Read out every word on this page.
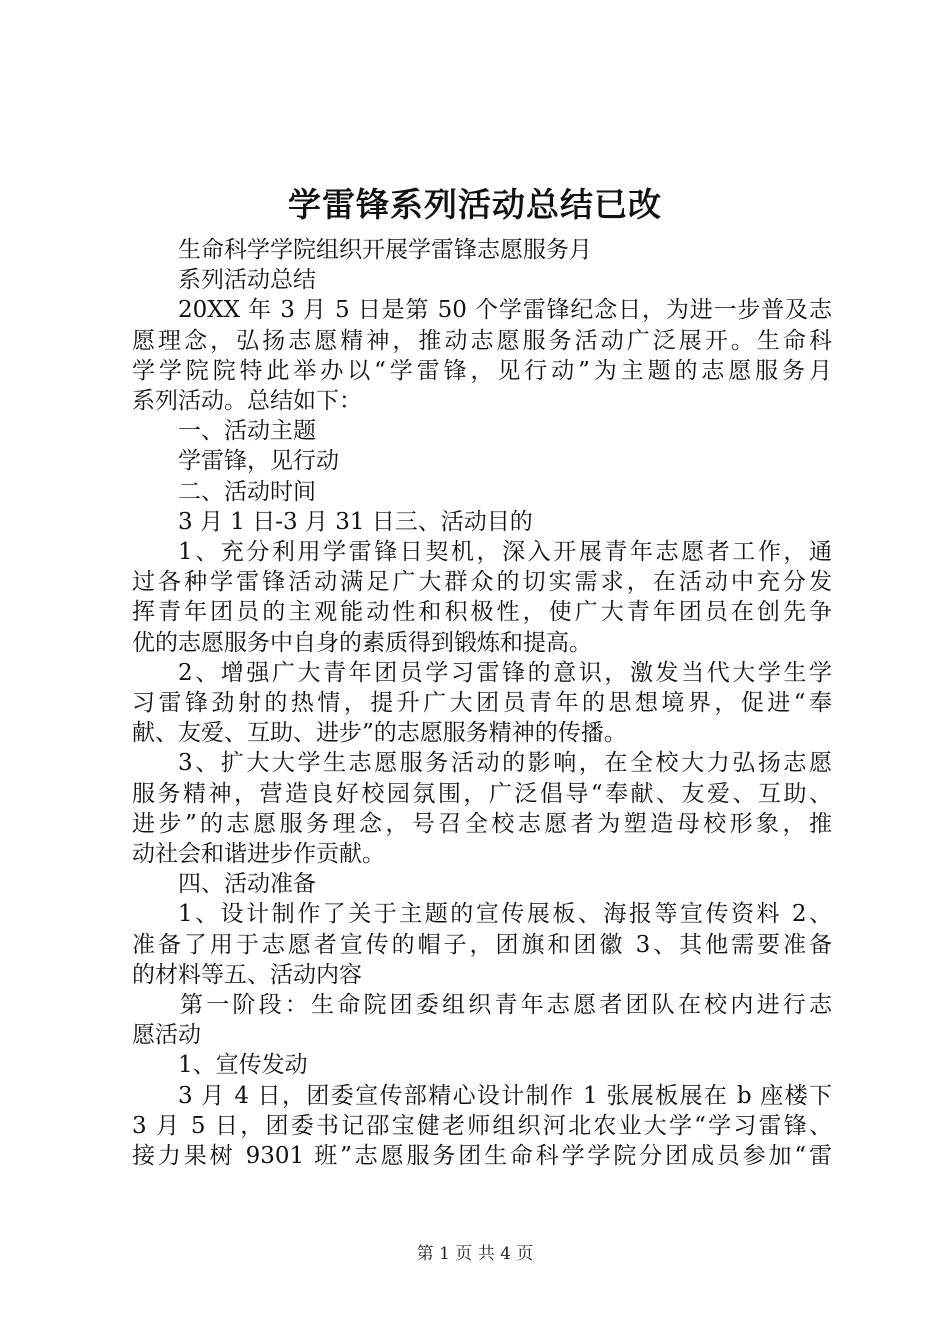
学雷锋系列活动总结已改
生命科学学院组织开展学雷锋志愿服务月
系列活动总结
20XX 年 3 月 5 日是第 50 个学雷锋纪念日，为进一步普及志
愿理念，弘扬志愿精神，推动志愿服务活动广泛展开。生命科
学学院院特此举办以“学雷锋，见行动”为主题的志愿服务月
系列活动。总结如下：
一、活动主题
学雷锋，见行动
二、活动时间
3 月 1 日-3 月 31 日三、活动目的
1、充分利用学雷锋日契机，深入开展青年志愿者工作，通
过各种学雷锋活动满足广大群众的切实需求，在活动中充分发
挥青年团员的主观能动性和积极性，使广大青年团员在创先争
优的志愿服务中自身的素质得到锻炼和提高。
2、增强广大青年团员学习雷锋的意识，激发当代大学生学
习雷锋劲射的热情，提升广大团员青年的思想境界，促进“奉
献、友爱、互助、进步”的志愿服务精神的传播。
3、扩大大学生志愿服务活动的影响，在全校大力弘扬志愿
服务精神，营造良好校园氛围，广泛倡导“奉献、友爱、互助、
进步”的志愿服务理念，号召全校志愿者为塑造母校形象，推
动社会和谐进步作贡献。
四、活动准备
1、设计制作了关于主题的宣传展板、海报等宣传资料 2、
准备了用于志愿者宣传的帽子，团旗和团徽 3、其他需要准备
的材料等五、活动内容
第一阶段：生命院团委组织青年志愿者团队在校内进行志
愿活动
1、宣传发动
3 月 4 日，团委宣传部精心设计制作 1 张展板展在 b 座楼下
3 月 5 日，团委书记邵宝健老师组织河北农业大学“学习雷锋、
接力果树 9301 班”志愿服务团生命科学学院分团成员参加“雷
第 1 页 共 4 页
